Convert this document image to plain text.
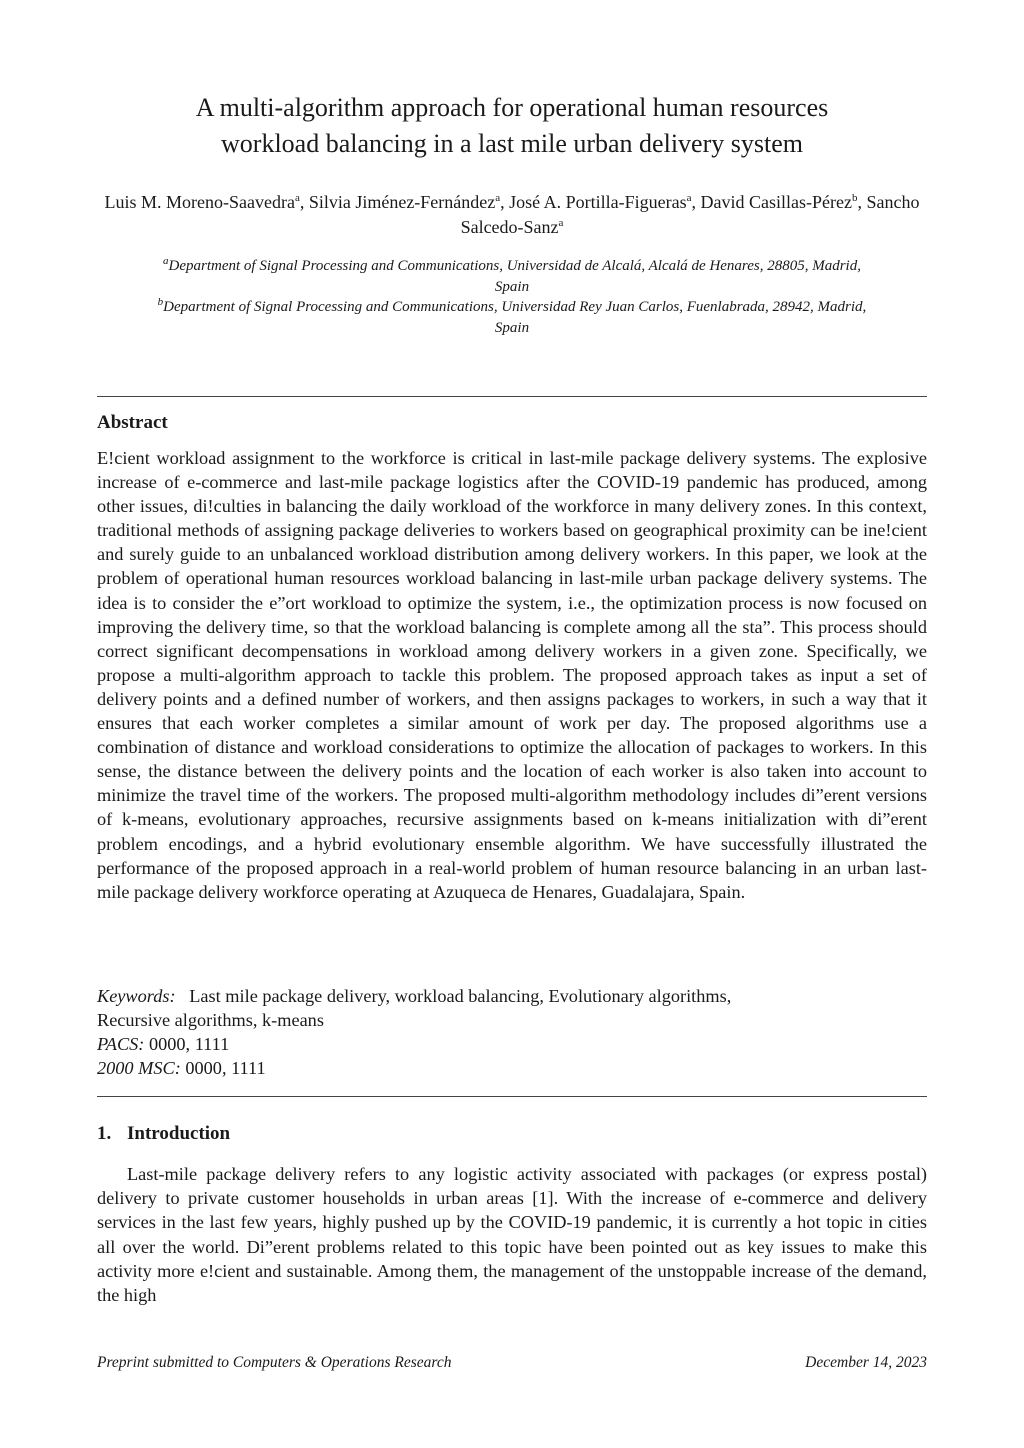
A multi-algorithm approach for operational human resources
workload balancing in a last mile urban delivery system
Luis M. Moreno-Saavedra$^a$, Silvia Jiménez-Fernández$^a$, José A. Portilla-Figueras$^a$, David Casillas-Pérez$^b$, Sancho Salcedo-Sanz$^a$
$^a$Department of Signal Processing and Communications, Universidad de Alcalá, Alcalá de Henares, 28805, Madrid, Spain
$^b$Department of Signal Processing and Communications, Universidad Rey Juan Carlos, Fuenlabrada, 28942, Madrid, Spain
Abstract

E!cient workload assignment to the workforce is critical in last-mile package delivery systems. The explosive increase of e-commerce and last-mile package logistics after the COVID-19 pandemic has produced, among other issues, di!culties in balancing the daily workload of the workforce in many delivery zones. In this context, traditional methods of assigning package deliveries to workers based on geographical proximity can be ine!cient and surely guide to an unbalanced workload distribution among delivery workers. In this paper, we look at the problem of operational human resources workload balancing in last-mile urban package delivery systems. The idea is to consider the e”ort workload to optimize the system, i.e., the optimization process is now focused on improving the delivery time, so that the workload balancing is complete among all the sta”. This process should correct significant decompensations in workload among delivery workers in a given zone. Specifically, we propose a multi-algorithm approach to tackle this problem. The proposed approach takes as input a set of delivery points and a defined number of workers, and then assigns packages to workers, in such a way that it ensures that each worker completes a similar amount of work per day. The proposed algorithms use a combination of distance and workload considerations to optimize the allocation of packages to workers. In this sense, the distance between the delivery points and the location of each worker is also taken into account to minimize the travel time of the workers. The proposed multi-algorithm methodology includes di”erent versions of k-means, evolutionary approaches, recursive assignments based on k-means initialization with di”erent problem encodings, and a hybrid evolutionary ensemble algorithm. We have successfully illustrated the performance of the proposed approach in a real-world problem of human resource balancing in an urban last-mile package delivery workforce operating at Azuqueca de Henares, Guadalajara, Spain.

Keywords: Last mile package delivery, workload balancing, Evolutionary algorithms,
Recursive algorithms, k-means
PACS: 0000, 1111
2000 MSC: 0000, 1111
1. Introduction

Last-mile package delivery refers to any logistic activity associated with packages (or express postal) delivery to private customer households in urban areas [1]. With the increase of e-commerce and delivery services in the last few years, highly pushed up by the COVID-19 pandemic, it is currently a hot topic in cities all over the world. Di”erent problems related to this topic have been pointed out as key issues to make this activity more e!cient and sustainable. Among them, the management of the unstoppable increase of the demand, the high

Preprint submitted to Computers & Operations Research	December 14, 2023
